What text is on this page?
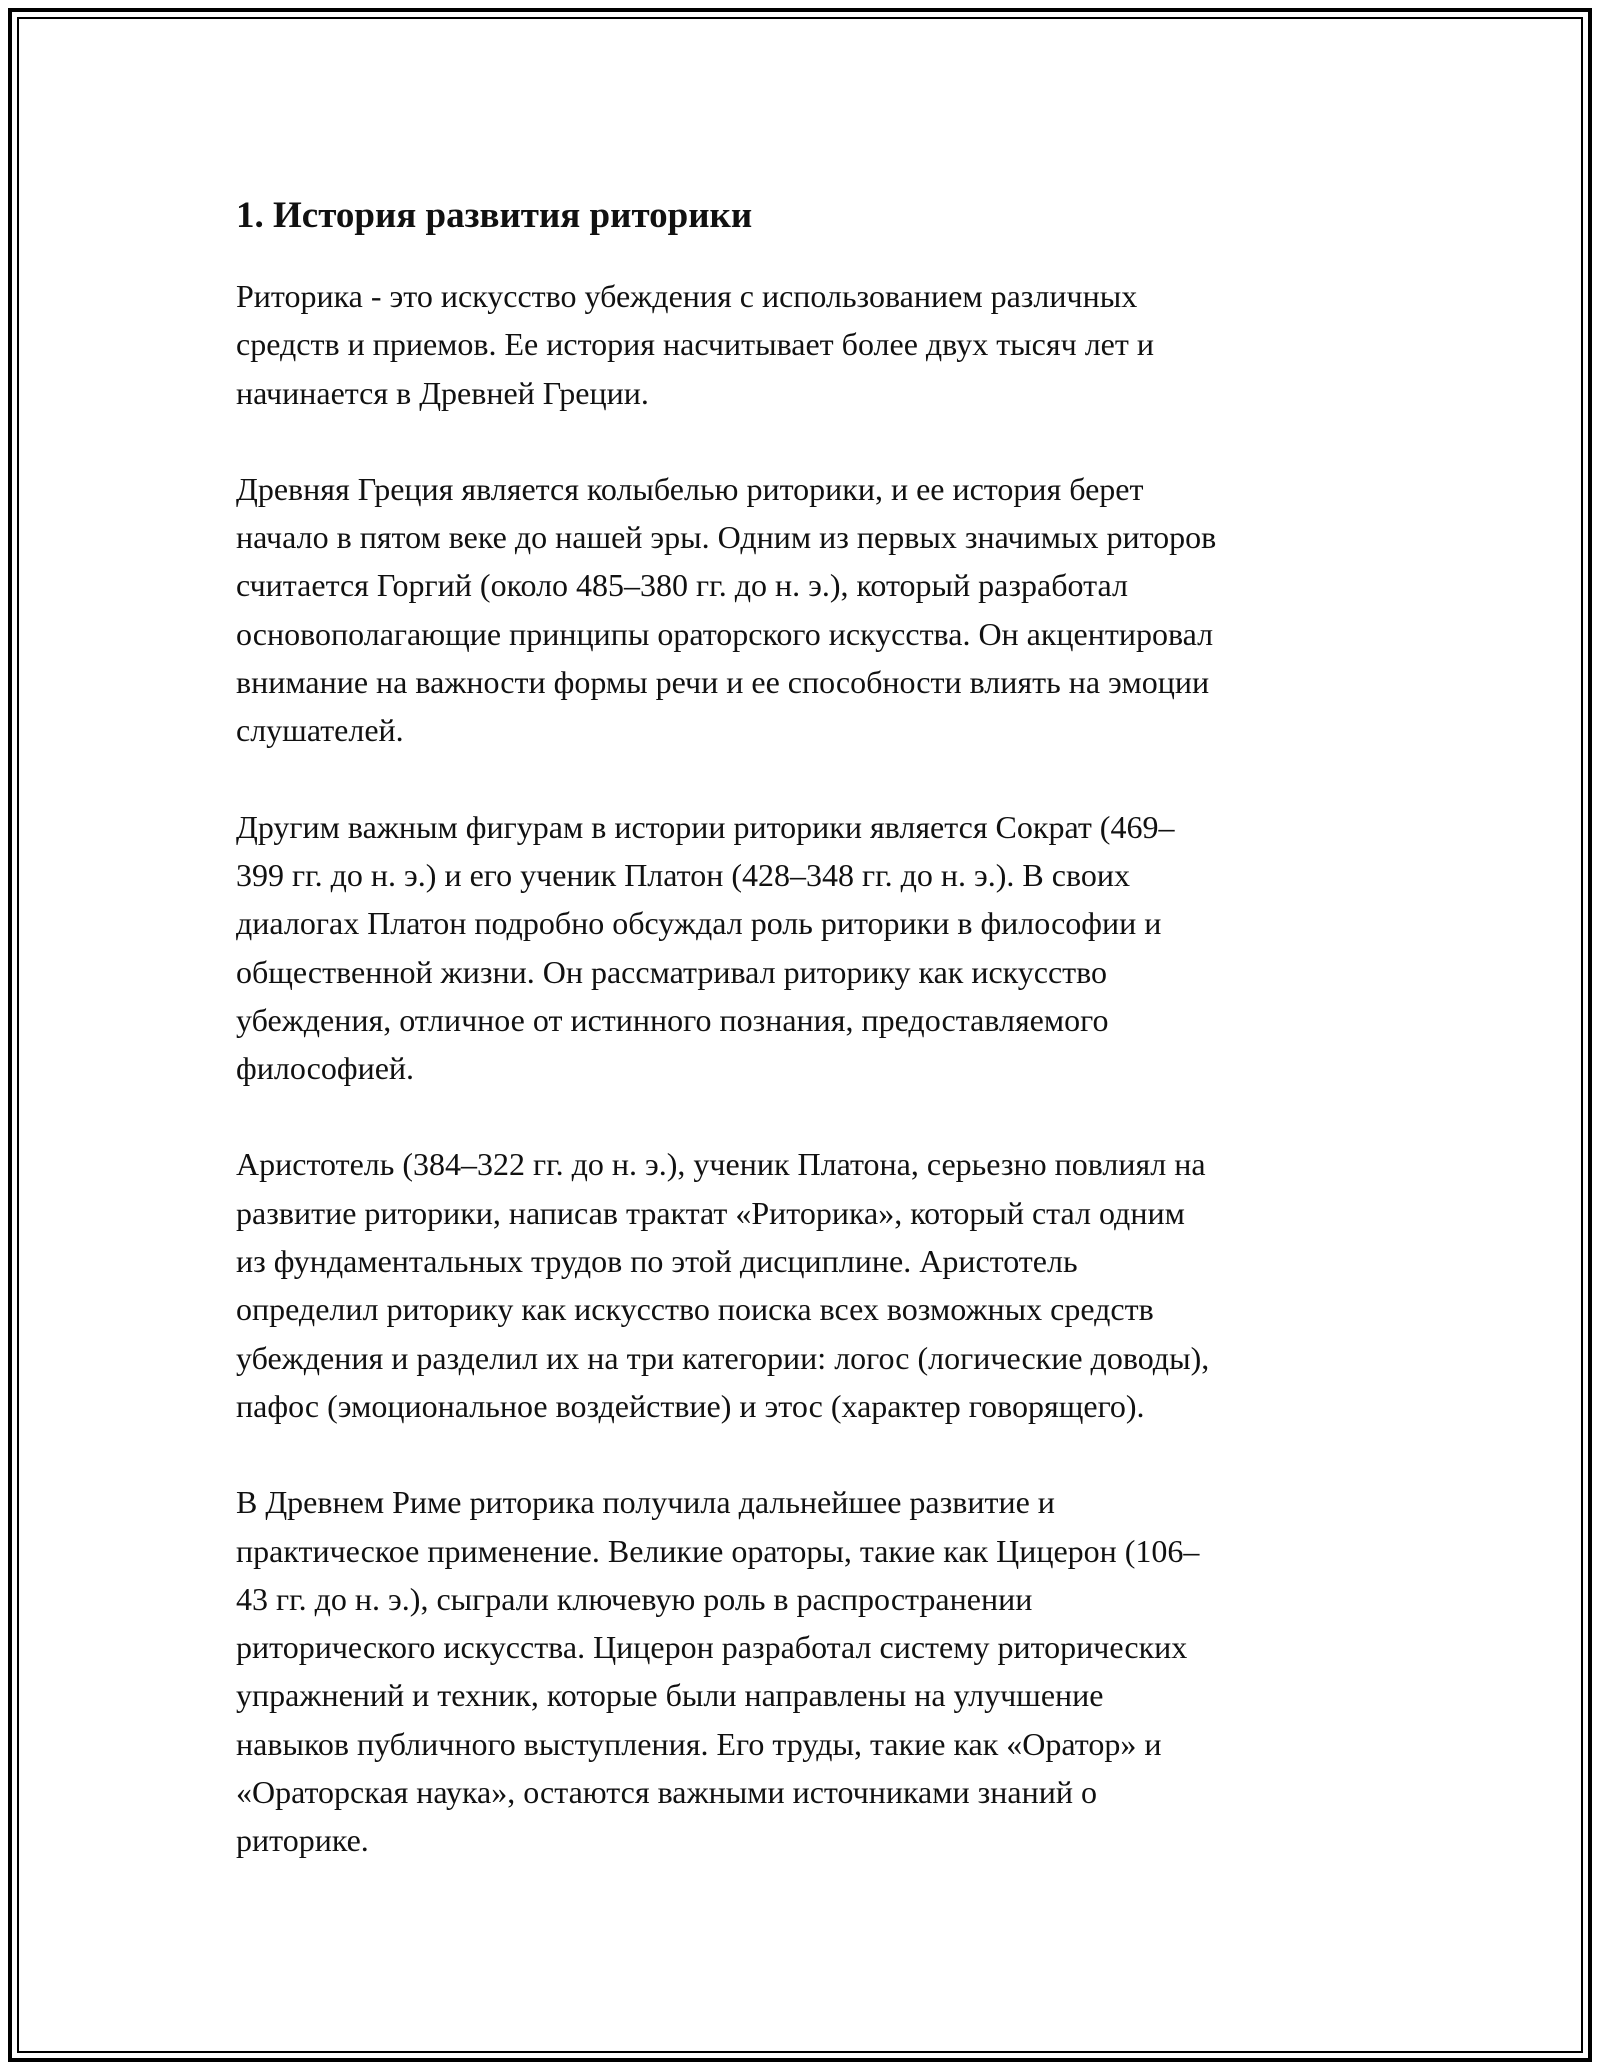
1. История развития риторики

Риторика - это искусство убеждения с использованием различных
средств и приемов. Ее история насчитывает более двух тысяч лет и
начинается в Древней Греции.

Древняя Греция является колыбелью риторики, и ее история берет
начало в пятом веке до нашей эры. Одним из первых значимых риторов
считается Горгий (около 485–380 гг. до н. э.), который разработал
основополагающие принципы ораторского искусства. Он акцентировал
внимание на важности формы речи и ее способности влиять на эмоции
слушателей.

Другим важным фигурам в истории риторики является Сократ (469–
399 гг. до н. э.) и его ученик Платон (428–348 гг. до н. э.). В своих
диалогах Платон подробно обсуждал роль риторики в философии и
общественной жизни. Он рассматривал риторику как искусство
убеждения, отличное от истинного познания, предоставляемого
философией.

Аристотель (384–322 гг. до н. э.), ученик Платона, серьезно повлиял на
развитие риторики, написав трактат «Риторика», который стал одним
из фундаментальных трудов по этой дисциплине. Аристотель
определил риторику как искусство поиска всех возможных средств
убеждения и разделил их на три категории: логос (логические доводы),
пафос (эмоциональное воздействие) и этос (характер говорящего).

В Древнем Риме риторика получила дальнейшее развитие и
практическое применение. Великие ораторы, такие как Цицерон (106–
43 гг. до н. э.), сыграли ключевую роль в распространении
риторического искусства. Цицерон разработал систему риторических
упражнений и техник, которые были направлены на улучшение
навыков публичного выступления. Его труды, такие как «Оратор» и
«Ораторская наука», остаются важными источниками знаний о
риторике.
